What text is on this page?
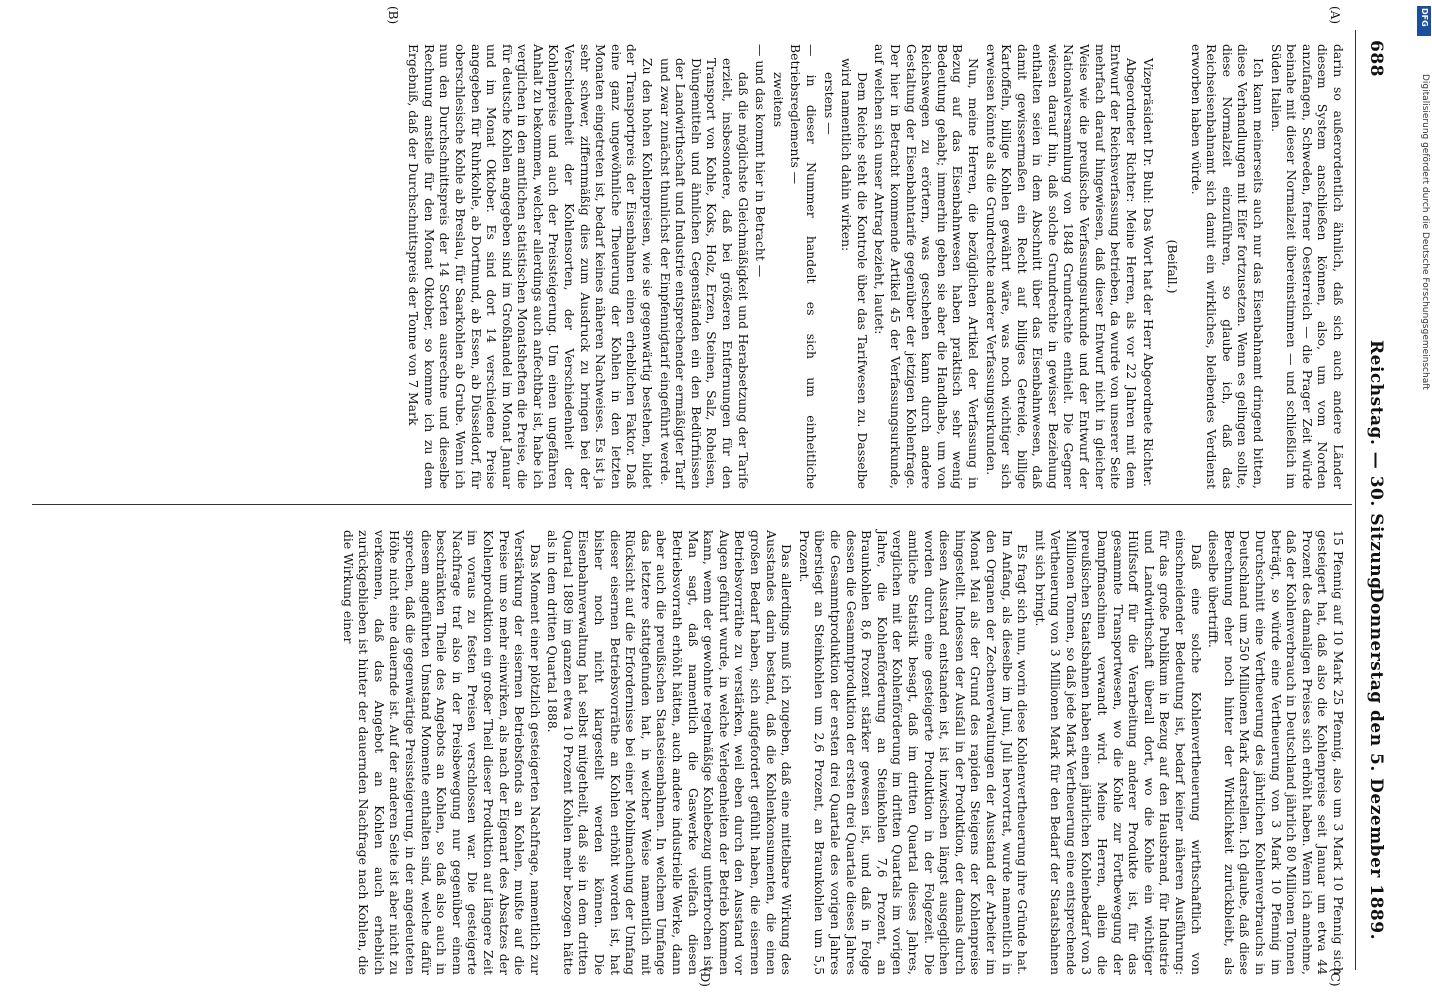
688
Reichstag. — 30. Sitzung.
Donnerstag den 5. Dezember 1889.
(A)
(B)
(C)
(D)

darin so außerordentlich ähnlich, daß sich auch andere Länder diesem System anschließen können, also, um vom Norden anzufangen, Schweden, ferner Oesterreich — die Prager Zeit würde beinahe mit dieser Normalzeit übereinstimmen — und schließlich im Süden Italien.

Ich kann meinerseits auch nur das Eisenbahnamt dringend bitten, diese Verhandlungen mit Eifer fortzusetzen. Wenn es gelingen sollte, diese Normalzeit einzuführen, so glaube ich, daß das Reichseisenbahnamt sich damit ein wirkliches, bleibendes Verdienst erworben haben würde.

(Beifall.)

Vizepräsident Dr. Buhl: Das Wort hat der Herr Abgeordnete Richter.

Abgeordneter Richter: Meine Herren, als vor 22 Jahren mit dem Entwurf der Reichsverfassung betrieben, da wurde von unserer Seite mehrfach darauf hingewiesen, daß dieser Entwurf nicht in gleicher Weise wie die preußische Verfassungsurkunde und der Entwurf der Nationalversammlung von 1848 Grundrechte enthielt. Die Gegner wiesen darauf hin, daß solche Grundrechte in gewisser Beziehung enthalten seien in dem Abschnitt über das Eisenbahnwesen, daß damit gewissermaßen ein Recht auf billiges Getreide, billige Kartoffeln, billige Kohlen gewährt wäre, was noch wichtiger sich erweisen könnte als die Grundrechte anderer Verfassungsurkunden.

Nun, meine Herren, die bezüglichen Artikel der Verfassung in Bezug auf das Eisenbahnwesen haben praktisch sehr wenig Bedeutung gehabt; immerhin geben sie aber die Handhabe, um von Reichswegen zu erörtern, was geschehen kann durch andere Gestaltung der Eisenbahntarife gegenüber der jetzigen Kohlenfrage. Der hier in Betracht kommende Artikel 45 der Verfassungsurkunde, auf welchen sich unser Antrag bezieht, lautet:

Dem Reiche steht die Kontrole über das Tarifwesen zu. Dasselbe wird namentlich dahin wirken:

erstens —

— in dieser Nummer handelt es sich um einheitliche Betriebsreglements —

zweitens

— und das kommt hier in Betracht —

daß die möglichste Gleichmäßigkeit und Herabsetzung der Tarife erzielt, insbesondere, daß bei größeren Entfernungen für den Transport von Kohle, Koks, Holz, Erzen, Steinen, Salz, Roheisen, Düngemitteln und ähnlichen Gegenständen ein den Bedürfnissen der Landwirthschaft und Industrie entsprechender ermäßigter Tarif und zwar zunächst thunlichst der Einpfennigtarif eingeführt werde.

Zu den hohen Kohlenpreisen, wie sie gegenwärtig bestehen, bildet der Transportpreis der Eisenbahnen einen erheblichen Faktor. Daß eine ganz ungewöhnliche Theuerung der Kohlen in den letzten Monaten eingetreten ist, bedarf keines näheren Nachweises. Es ist ja sehr schwer, ziffernmäßig dies zum Ausdruck zu bringen bei der Verschiedenheit der Kohlensorten, der Verschiedenheit der Kohlenpreise und auch der Preissteigerung. Um einen ungefähren Anhalt zu bekommen, welcher allerdings auch anfechtbar ist, habe ich verglichen in den amtlichen statistischen Monatsheften die Preise, die für deutsche Kohlen angegeben sind im Großhandel im Monat Januar und im Monat Oktober. Es sind dort 14 verschiedene Preise angegeben für Ruhrkohle, ab Dortmund, ab Essen, ab Düsseldorf, für oberschlesische Kohle ab Breslau, für Saarkohlen ab Grube. Wenn ich nun den Durchschnittspreis der 14 Sorten ausrechne und dieselbe Rechnung anstelle für den Monat Oktober, so komme ich zu dem Ergebniß, daß der Durchschnittspreis der Tonne von 7 Mark

15 Pfennig auf 10 Mark 25 Pfennig, also um 3 Mark 10 Pfennig sich gesteigert hat, daß also die Kohlenpreise seit Januar um etwa 44 Prozent des damaligen Preises sich erhöht haben. Wenn ich annehme, daß der Kohlenverbrauch in Deutschland jährlich 80 Millionen Tonnen beträgt, so würde eine Vertheuerung von 3 Mark 10 Pfennig im Durchschnitt eine Vertheuerung des jährlichen Kohlenverbrauchs in Deutschland um 250 Millionen Mark darstellen. Ich glaube, daß diese Berechnung eher noch hinter der Wirklichkeit zurückbleibt, als dieselbe übertrifft.

Daß eine solche Kohlenvertheuerung wirthschaftlich von einschneidender Bedeutung ist, bedarf keiner näheren Ausführung: für das große Publikum in Bezug auf den Hausbrand, für Industrie und Landwirthschaft überall dort, wo die Kohle ein wichtiger Hülfsstoff für die Verarbeitung anderer Produkte ist, für das gesammte Transportwesen, wo die Kohle zur Fortbewegung der Dampfmaschinen verwandt wird. Meine Herren, allein die preußischen Staatsbahnen haben einen jährlichen Kohlenbedarf von 3 Millionen Tonnen, so daß jede Mark Vertheuerung eine entsprechende Vertheuerung von 3 Millionen Mark für den Bedarf der Staatsbahnen mit sich bringt.

Es fragt sich nun, worin diese Kohlenvertheuerung ihre Gründe hat. Im Anfang, als dieselbe im Juni, Juli hervortrat, wurde namentlich in den Organen der Zechenverwaltungen der Ausstand der Arbeiter im Monat Mai als der Grund des rapiden Steigens der Kohlenpreise hingestellt. Indessen der Ausfall in der Produktion, der damals durch diesen Ausstand entstanden ist, ist inzwischen längst ausgeglichen worden durch eine gesteigerte Produktion in der Folgezeit. Die amtliche Statistik besagt, daß im dritten Quartal dieses Jahres, verglichen mit der Kohlenförderung im dritten Quartals im vorigen Jahre, die Kohlenförderung an Steinkohlen 7,6 Prozent, an Braunkohlen 8,6 Prozent stärker gewesen ist, und daß in Folge dessen die Gesammtproduktion der ersten drei Quartale dieses Jahres die Gesammtproduktion der ersten drei Quartale des vorigen Jahres überstiegt an Steinkohlen um 2,6 Prozent, an Braunkohlen um 5,5 Prozent.

Das allerdings muß ich zugeben, daß eine mittelbare Wirkung des Ausstandes darin bestand, daß die Kohlenkonsumenten, die einen großen Bedarf haben, sich aufgefordert gefühlt haben, die eisernen Betriebsvorräthe zu verstärken, weil eben durch den Ausstand vor Augen geführt wurde, in welche Verlegenheiten der Betrieb kommen kann, wenn der gewohnte regelmäßige Kohlebezug unterbrochen ist. Man sagt, daß namentlich die Gaswerke vielfach diesen Betriebsvorrath erhöht hätten, auch andere industrielle Werke, dann aber auch die preußischen Staatseisenbahnen. In welchem Umfange das letztere stattgefunden hat, in welcher Weise namentlich mit Rücksicht auf die Erfordernisse bei einer Mobilmachung der Umfang dieser eisernen Betriebsvorräthe an Kohlen erhöht worden ist, hat bisher noch nicht klargestellt werden können. Die Eisenbahnverwaltung hat selbst mitgetheilt, daß sie in dem dritten Quartal 1889 im ganzen etwa 10 Prozent Kohlen mehr bezogen hätte als in dem dritten Quartal 1888.

Das Moment einer plötzlich gesteigerten Nachfrage, namentlich zur Verstärkung der eisernen Betriebsfonds an Kohlen, mußte auf die Preise um so mehr einwirken, als nach der Eigenart des Absatzes der Kohlenproduktion ein großer Theil dieser Produktion auf längere Zeit im voraus zu festen Preisen verschlossen war. Die gesteigerte Nachfrage traf also in der Preisbewegung nur gegenüber einem beschränkten Theile des Angebots an Kohlen, so daß also auch in diesem angeführten Umstand Momente enthalten sind, welche dafür sprechen, daß die gegenwärtige Preissteigerung, in der angedeuteten Höhe nicht eine dauernde ist. Auf der anderen Seite ist aber nicht zu verkennen, daß das Angebot an Kohlen auch erheblich zurückgeblieben ist hinter der dauernden Nachfrage nach Kohlen, die die Wirkung einer

DFG
Digitalisierung gefördert durch die Deutsche Forschungsgemeinschaft
